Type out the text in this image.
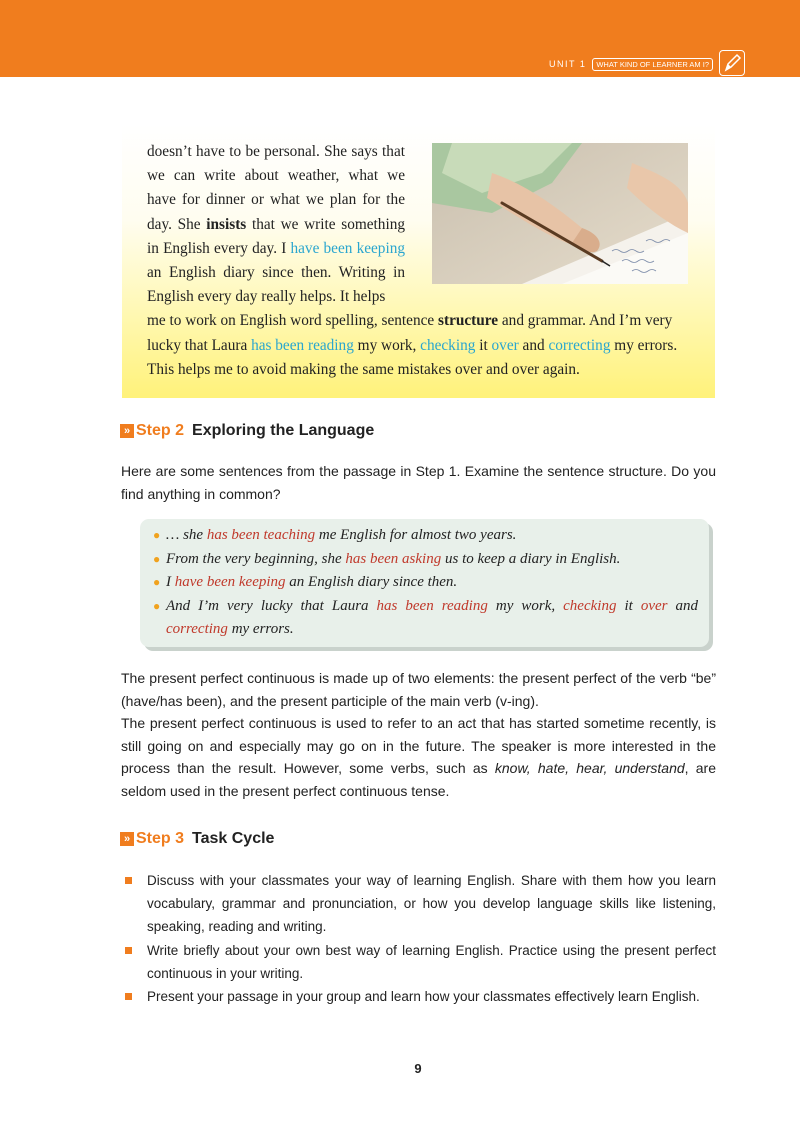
UNIT 1	WHAT KIND OF LEARNER AM I?
doesn’t have to be personal. She says that we can write about weather, what we have for dinner or what we plan for the day. She insists that we write something in English every day. I have been keeping an English diary since then. Writing in English every day really helps. It helps
me to work on English word spelling, sentence structure and grammar. And I’m very
lucky that Laura has been reading my work, checking it over and correcting my errors.
This helps me to avoid making the same mistakes over and over again.
» Step 2 Exploring the Language
Here are some sentences from the passage in Step 1. Examine the sentence structure. Do you find anything in common?
● … she has been teaching me English for almost two years.
● From the very beginning, she has been asking us to keep a diary in English.
● I have been keeping an English diary since then.
● And I’m very lucky that Laura has been reading my work, checking it over and correcting my errors.
The present perfect continuous is made up of two elements: the present perfect of the verb “be” (have/has been), and the present participle of the main verb (v-ing).
The present perfect continuous is used to refer to an act that has started sometime recently, is still going on and especially may go on in the future. The speaker is more interested in the process than the result. However, some verbs, such as know, hate, hear, understand, are seldom used in the present perfect continuous tense.
» Step 3 Task Cycle
Discuss with your classmates your way of learning English. Share with them how you learn vocabulary, grammar and pronunciation, or how you develop language skills like listening, speaking, reading and writing.
Write briefly about your own best way of learning English. Practice using the present perfect continuous in your writing.
Present your passage in your group and learn how your classmates effectively learn English.
9
